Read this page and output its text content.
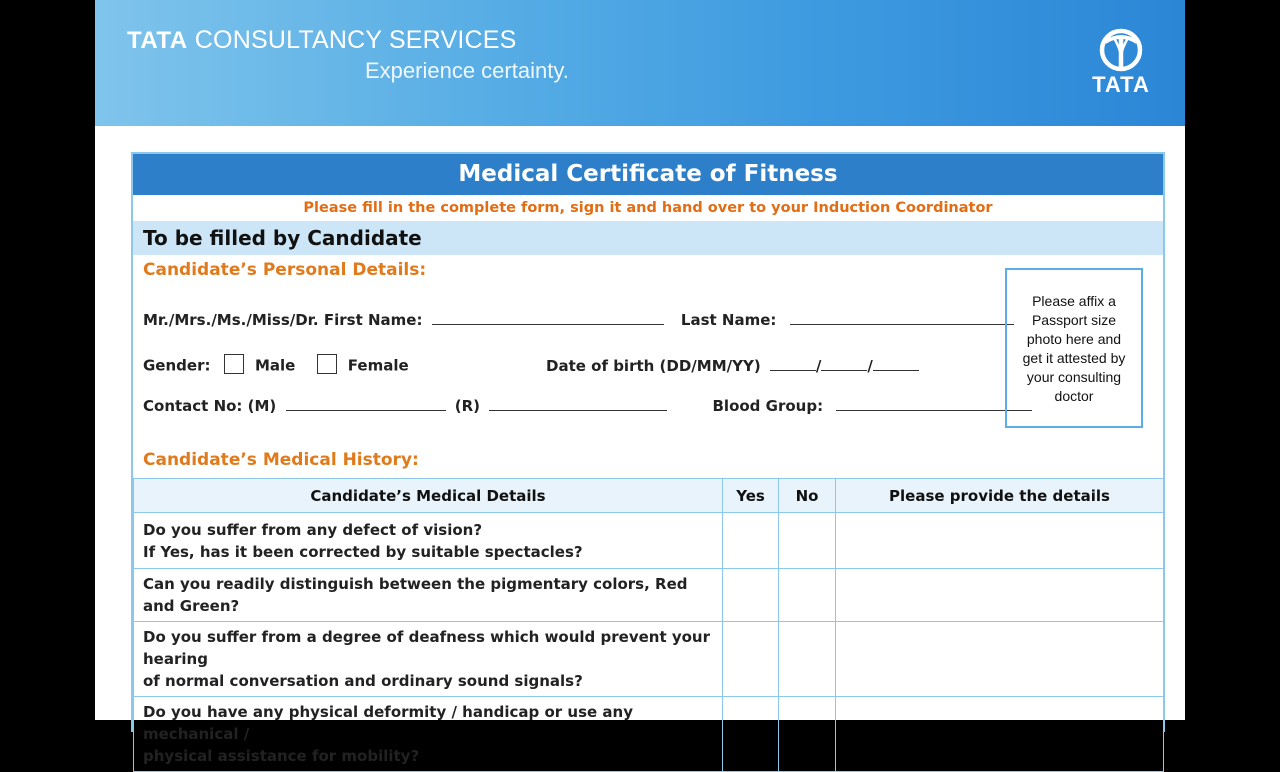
TATA CONSULTANCY SERVICES
Experience certainty.
TATA
Medical Certificate of Fitness
Please fill in the complete form, sign it and hand over to your Induction Coordinator
To be filled by Candidate
Candidate’s Personal Details:
Mr./Mrs./Ms./Miss/Dr. First Name:	Last Name:
Gender:	Male	Female	Date of birth (DD/MM/YY)	/	/
Contact No: (M)	(R)	Blood Group:
Please affix a Passport size photo here and get it attested by your consulting doctor
Candidate’s Medical History:
Candidate’s Medical Details	Yes	No	Please provide the details

Do you suffer from any defect of vision?
If Yes, has it been corrected by suitable spectacles?			

Can you readily distinguish between the pigmentary colors, Red and Green?			

Do you suffer from a degree of deafness which would prevent your hearing
of normal conversation and ordinary sound signals?			

Do you have any physical deformity / handicap or use any mechanical /
physical assistance for mobility?			
